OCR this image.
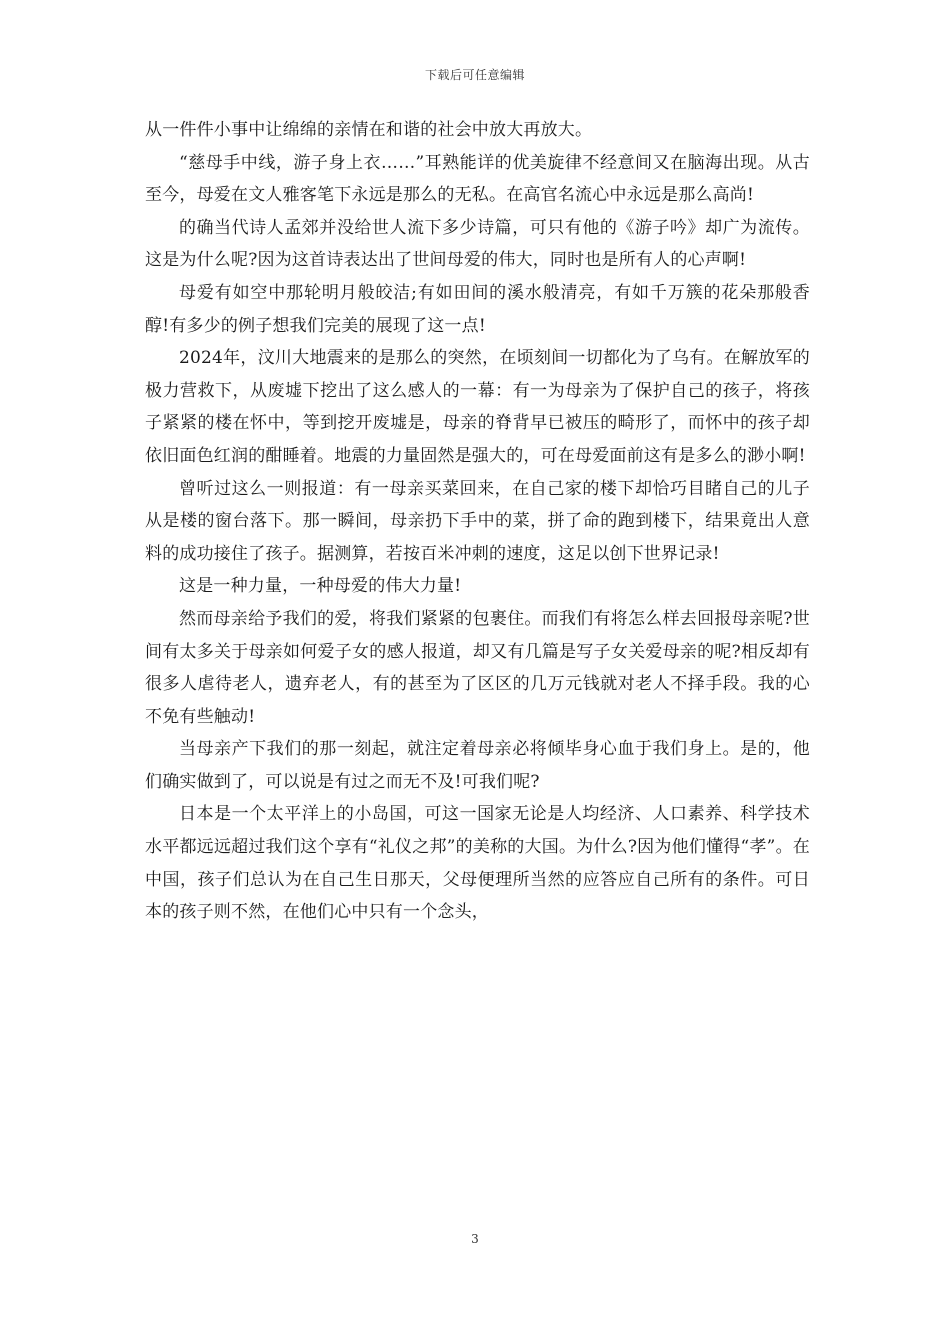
下载后可任意编辑

从一件件小事中让绵绵的亲情在和谐的社会中放大再放大。

“慈母手中线，游子身上衣……”耳熟能详的优美旋律不经意间又在脑海出现。从古至今，母爱在文人雅客笔下永远是那么的无私。在高官名流心中永远是那么高尚!

的确当代诗人孟郊并没给世人流下多少诗篇，可只有他的《游子吟》却广为流传。这是为什么呢?因为这首诗表达出了世间母爱的伟大，同时也是所有人的心声啊!

母爱有如空中那轮明月般皎洁;有如田间的溪水般清亮，有如千万簇的花朵那般香醇!有多少的例子想我们完美的展现了这一点!

2024年，汶川大地震来的是那么的突然，在顷刻间一切都化为了乌有。在解放军的极力营救下，从废墟下挖出了这么感人的一幕：有一为母亲为了保护自己的孩子，将孩子紧紧的楼在怀中，等到挖开废墟是，母亲的脊背早已被压的畸形了，而怀中的孩子却依旧面色红润的酣睡着。地震的力量固然是强大的，可在母爱面前这有是多么的渺小啊!

曾听过这么一则报道：有一母亲买菜回来，在自己家的楼下却恰巧目睹自己的儿子从是楼的窗台落下。那一瞬间，母亲扔下手中的菜，拼了命的跑到楼下，结果竟出人意料的成功接住了孩子。据测算，若按百米冲刺的速度，这足以创下世界记录!

这是一种力量，一种母爱的伟大力量!

然而母亲给予我们的爱，将我们紧紧的包裹住。而我们有将怎么样去回报母亲呢?世间有太多关于母亲如何爱子女的感人报道，却又有几篇是写子女关爱母亲的呢?相反却有很多人虐待老人，遗弃老人，有的甚至为了区区的几万元钱就对老人不择手段。我的心不免有些触动!

当母亲产下我们的那一刻起，就注定着母亲必将倾毕身心血于我们身上。是的，他们确实做到了，可以说是有过之而无不及!可我们呢?

日本是一个太平洋上的小岛国，可这一国家无论是人均经济、人口素养、科学技术水平都远远超过我们这个享有“礼仪之邦”的美称的大国。为什么?因为他们懂得“孝”。在中国，孩子们总认为在自己生日那天，父母便理所当然的应答应自己所有的条件。可日本的孩子则不然，在他们心中只有一个念头，

3
